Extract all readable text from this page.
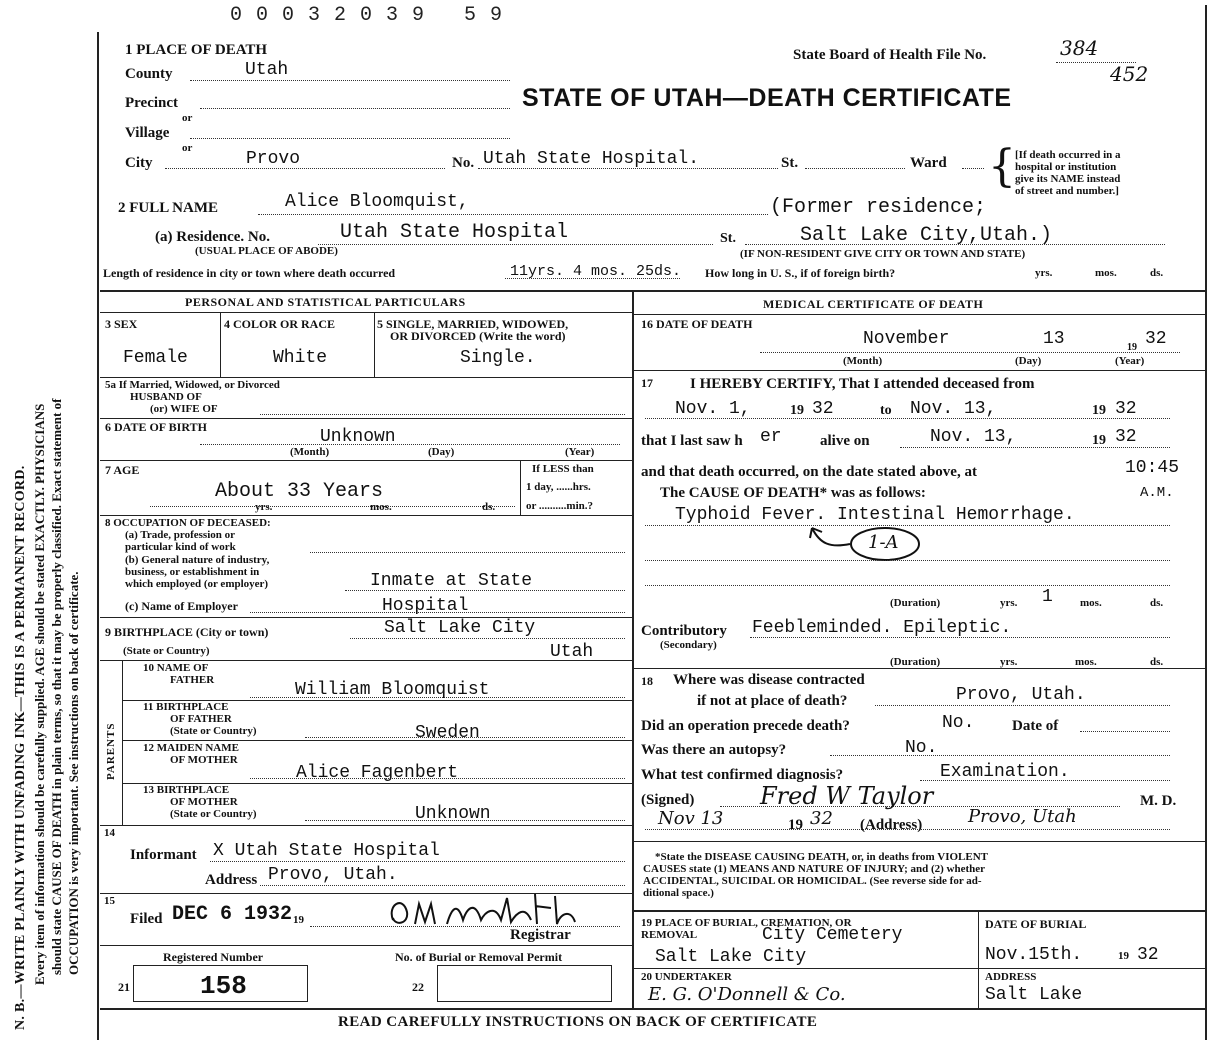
N. B.—WRITE PLAINLY WITH UNFADING INK—THIS IS A PERMANENT RECORD. Every item of information should be carefully supplied. AGE should be stated EXACTLY. PHYSICIANS should state CAUSE OF DEATH in plain terms, so that it may be properly classified. Exact statement of OCCUPATION is very important. See instructions on back of certificate.
00032039 59
State Board of Health File No.	384
452
STATE OF UTAH—DEATH CERTIFICATE
1 PLACE OF DEATH
County	Utah
Precinct
or
Village
or
City	Provo	No. Utah State Hospital.	St.	Ward { [If death occurred in a
hospital or institution
give its NAME instead
of street and number.]
2 FULL NAME	Alice Bloomquist,	(Former residence;
(a) Residence. No.	Utah State Hospital
(USUAL PLACE OF ABODE)
St.	Salt Lake City,Utah.)
(IF NON-RESIDENT GIVE CITY OR TOWN AND STATE)
Length of residence in city or town where death occurred	11yrs. 4 mos. 25ds. How long in U. S., if of foreign birth?	yrs.	mos.	ds.
PERSONAL AND STATISTICAL PARTICULARS
3 SEX
Female
4 COLOR OR RACE
White
5 SINGLE, MARRIED, WIDOWED,
OR DIVORCED (Write the word)
Single.
5a If Married, Widowed, or Divorced
HUSBAND OF
(or) WIFE OF
6 DATE OF BIRTH	Unknown
(Month)	(Day)	(Year)
7 AGE
About 33 Years
yrs.	mos.	ds.
If LESS than
1 day, ......hrs.
or ..........min.?
8 OCCUPATION OF DECEASED:
(a) Trade, profession or
particular kind of work
(b) General nature of industry,
business, or establishment in
which employed (or employer)	Inmate at State
(c) Name of Employer	Hospital
9 BIRTHPLACE (City or town)	Salt Lake City
(State or Country)	Utah
PARENTS
10 NAME OF
FATHER	William Bloomquist
11 BIRTHPLACE
OF FATHER
(State or Country)	Sweden
12 MAIDEN NAME
OF MOTHER
Alice Fagenbert
13 BIRTHPLACE
OF MOTHER
(State or Country)	Unknown
14
Informant X Utah State Hospital
Address Provo, Utah.
15
Filed DEC 6 1932 19
Registrar
Registered Number	No. of Burial or Removal Permit
21	158	22
MEDICAL CERTIFICATE OF DEATH
16 DATE OF DEATH
November	13	19 32
(Month)	(Day)	(Year)
17 I HEREBY CERTIFY, That I attended deceased from
Nov. 1,	19 32	to Nov. 13,	19 32
that I last saw h er	alive on	Nov. 13,	19 32
and that death occurred, on the date stated above, at	10:45
The CAUSE OF DEATH* was as follows:	A.M.
Typhoid Fever. Intestinal Hemorrhage.
1-A
(Duration)	yrs. 1 mos.	ds.
Contributory
(Secondary)
Feebleminded. Epileptic.
(Duration)	yrs.	mos.	ds.
18 Where was disease contracted
if not at place of death?	Provo, Utah.
Did an operation precede death?	No.	Date of
Was there an autopsy?	No.
What test confirmed diagnosis?	Examination.
(Signed)	Fred W Taylor	M. D.
Nov 13	19 32 (Address)	Provo, Utah
*State the DISEASE CAUSING DEATH, or, in deaths from VIOLENT
CAUSES state (1) MEANS AND NATURE OF INJURY; and (2) whether
ACCIDENTAL, SUICIDAL OR HOMICIDAL. (See reverse side for ad-
ditional space.)
19 PLACE OF BURIAL, CREMATION, OR
REMOVAL	City Cemetery
Salt Lake City
DATE OF BURIAL
Nov.15th.	19 32
20 UNDERTAKER
E. G. O'Donnell & Co.
ADDRESS
Salt Lake
READ CAREFULLY INSTRUCTIONS ON BACK OF CERTIFICATE
